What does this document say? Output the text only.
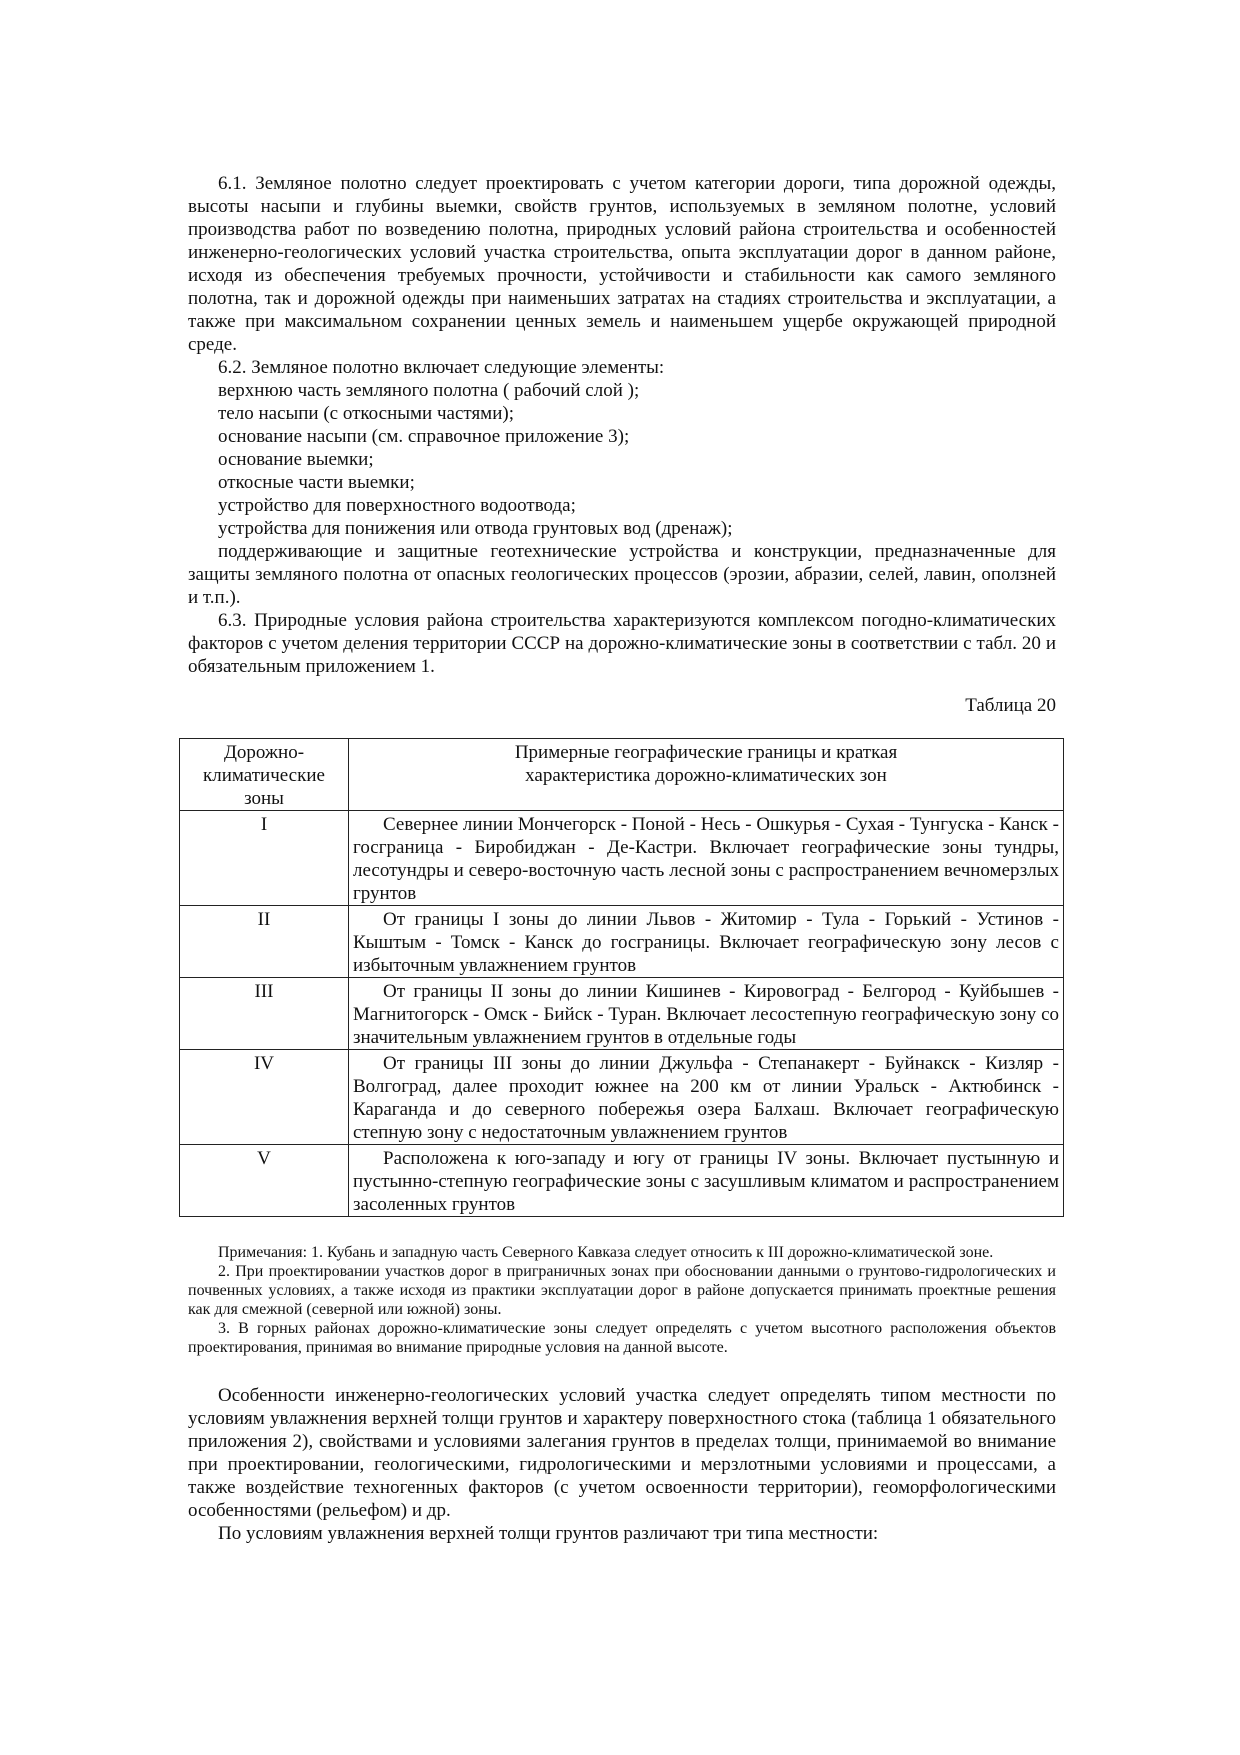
6.1. Земляное полотно следует проектировать с учетом категории дороги, типа дорожной одежды, высоты насыпи и глубины выемки, свойств грунтов, используемых в земляном полотне, условий производства работ по возведению полотна, природных условий района строительства и особенностей инженерно-геологических условий участка строительства, опыта эксплуатации дорог в данном районе, исходя из обеспечения требуемых прочности, устойчивости и стабильности как самого земляного полотна, так и дорожной одежды при наименьших затратах на стадиях строительства и эксплуатации, а также при максимальном сохранении ценных земель и наименьшем ущербе окружающей природной среде.

6.2. Земляное полотно включает следующие элементы:

верхнюю часть земляного полотна ( рабочий слой );

тело насыпи (с откосными частями);

основание насыпи (см. справочное приложение 3);

основание выемки;

откосные части выемки;

устройство для поверхностного водоотвода;

устройства для понижения или отвода грунтовых вод (дренаж);

поддерживающие и защитные геотехнические устройства и конструкции, предназначенные для защиты земляного полотна от опасных геологических процессов (эрозии, абразии, селей, лавин, оползней и т.п.).

6.3. Природные условия района строительства характеризуются комплексом погодно-климатических факторов с учетом деления территории СССР на дорожно-климатические зоны в соответствии с табл. 20 и обязательным приложением 1.

Таблица 20
Дорожно-климатические зоны	Примерные географические границы и краткая характеристика дорожно-климатических зон
I	Севернее линии Мончегорск - Поной - Несь - Ошкурья - Сухая - Тунгуска - Канск - госграница - Биробиджан - Де-Кастри. Включает географические зоны тундры, лесотундры и северо-восточную часть лесной зоны с распространением вечномерзлых грунтов
II	От границы I зоны до линии Львов - Житомир - Тула - Горький - Устинов - Кыштым - Томск - Канск до госграницы. Включает географическую зону лесов с избыточным увлажнением грунтов
III	От границы II зоны до линии Кишинев - Кировоград - Белгород - Куйбышев - Магнитогорск - Омск - Бийск - Туран. Включает лесостепную географическую зону со значительным увлажнением грунтов в отдельные годы
IV	От границы III зоны до линии Джульфа - Степанакерт - Буйнакск - Кизляр - Волгоград, далее проходит южнее на 200 км от линии Уральск - Актюбинск - Караганда и до северного побережья озера Балхаш. Включает географическую степную зону с недостаточным увлажнением грунтов
V	Расположена к юго-западу и югу от границы IV зоны. Включает пустынную и пустынно-степную географические зоны с засушливым климатом и распространением засоленных грунтов

Примечания: 1. Кубань и западную часть Северного Кавказа следует относить к III дорожно-климатической зоне.

2. При проектировании участков дорог в приграничных зонах при обосновании данными о грунтово-гидрологических и почвенных условиях, а также исходя из практики эксплуатации дорог в районе допускается принимать проектные решения как для смежной (северной или южной) зоны.

3. В горных районах дорожно-климатические зоны следует определять с учетом высотного расположения объектов проектирования, принимая во внимание природные условия на данной высоте.

Особенности инженерно-геологических условий участка следует определять типом местности по условиям увлажнения верхней толщи грунтов и характеру поверхностного стока (таблица 1 обязательного приложения 2), свойствами и условиями залегания грунтов в пределах толщи, принимаемой во внимание при проектировании, геологическими, гидрологическими и мерзлотными условиями и процессами, а также воздействие техногенных факторов (с учетом освоенности территории), геоморфологическими особенностями (рельефом) и др.

По условиям увлажнения верхней толщи грунтов различают три типа местности:
